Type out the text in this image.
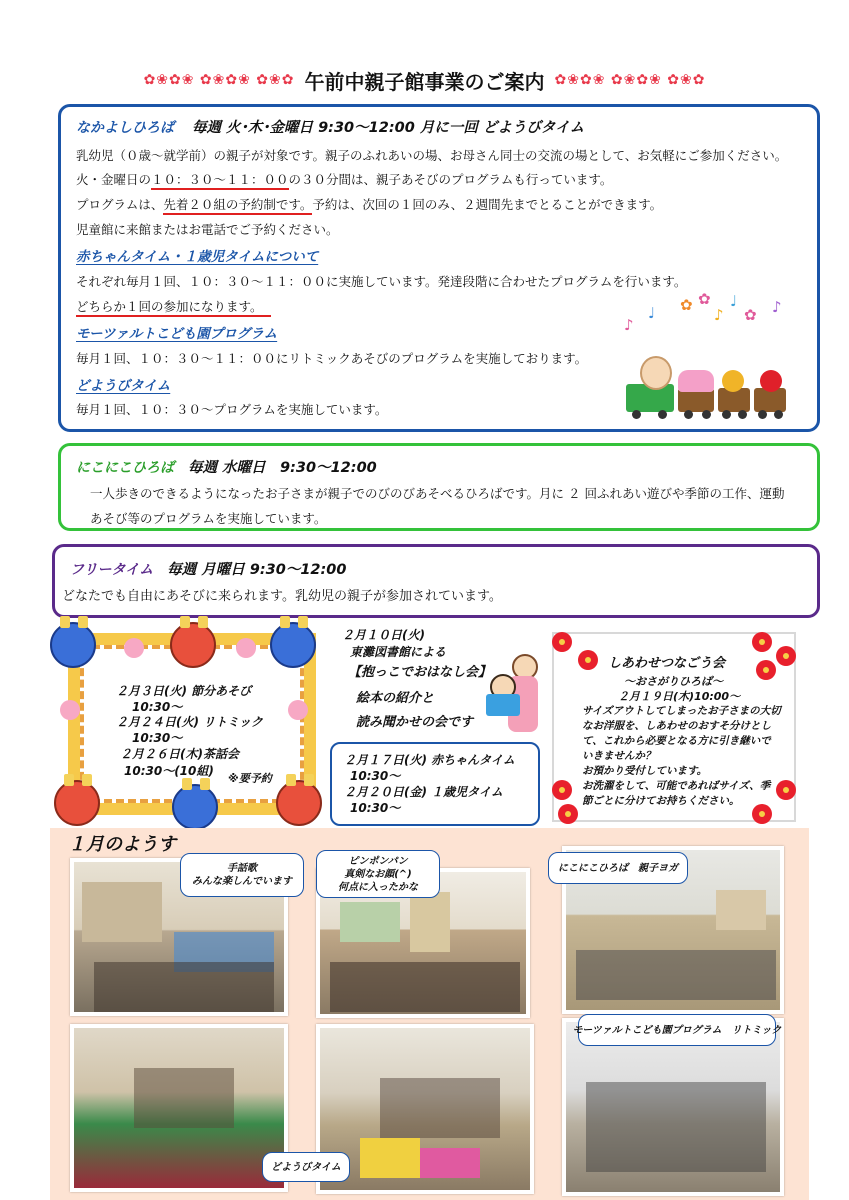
✿❀✿❀ ✿❀✿❀ ✿❀✿ 午前中親子館事業のご案内 ✿❀✿❀ ✿❀✿❀ ✿❀✿
なかよしひろば 毎週 火･木･金曜日 9:30～12:00 月に一回 どようびタイム
乳幼児（０歳～就学前）の親子が対象です。親子のふれあいの場、お母さん同士の交流の場として、お気軽にご参加ください。
火・金曜日の１０：３０～１１：００の３０分間は、親子あそびのプログラムも行っています。
プログラムは、先着２０組の予約制です。予約は、次回の１回のみ、２週間先までとることができます。
児童館に来館またはお電話でご予約ください。
赤ちゃんタイム・１歳児タイムについて
それぞれ毎月１回、１０：３０～１１：００に実施しています。発達段階に合わせたプログラムを行います。
どちらか１回の参加になります。
モーツァルトこども園プログラム
毎月１回、１０：３０～１１：００にリトミックあそびのプログラムを実施しております。
どようびタイム
毎月１回、１０：３０～プログラムを実施しています。
♪
♩ ✿ ✿
♪
♩
✿ ♪
にこにこひろば 毎週 水曜日　9:30～12:00
一人歩きのできるようになったお子さまが親子でのびのびあそべるひろばです。月に ２ 回ふれあい遊びや季節の工作、運動
あそび等のプログラムを実施しています。
フリータイム 毎週 月曜日 9:30～12:00
どなたでも自由にあそびに来られます。乳幼児の親子が参加されています。
２月３日(火) 節分あそび
10:30～
２月２４日(火) リトミック
10:30～
２月２６日(木)茶話会
10:30～(10組)
※要予約
２月１０日(火)
東灘図書館による
【抱っこでおはなし会】
絵本の紹介と
読み聞かせの会です
２月１７日(火) 赤ちゃんタイム
10:30～
２月２０日(金) １歳児タイム
10:30～
しあわせつなごう会
～おさがりひろば～
２月１９日(木)10:00～
サイズアウトしてしまったお子さまの大切
なお洋服を、しあわせのおすそ分けとし
て、これから必要となる方に引き継いで
いきませんか？
お預かり受付しています。
お洗濯をして、可能であればサイズ、季
節ごとに分けてお持ちください。
１月のようす
手話歌
みんな楽しんでいます
ピンポンパン
真剣なお顔(^)
何点に入ったかな
にこにこひろば　親子ヨガ
どようびタイム
モーツァルトこども園プログラム　リトミック
